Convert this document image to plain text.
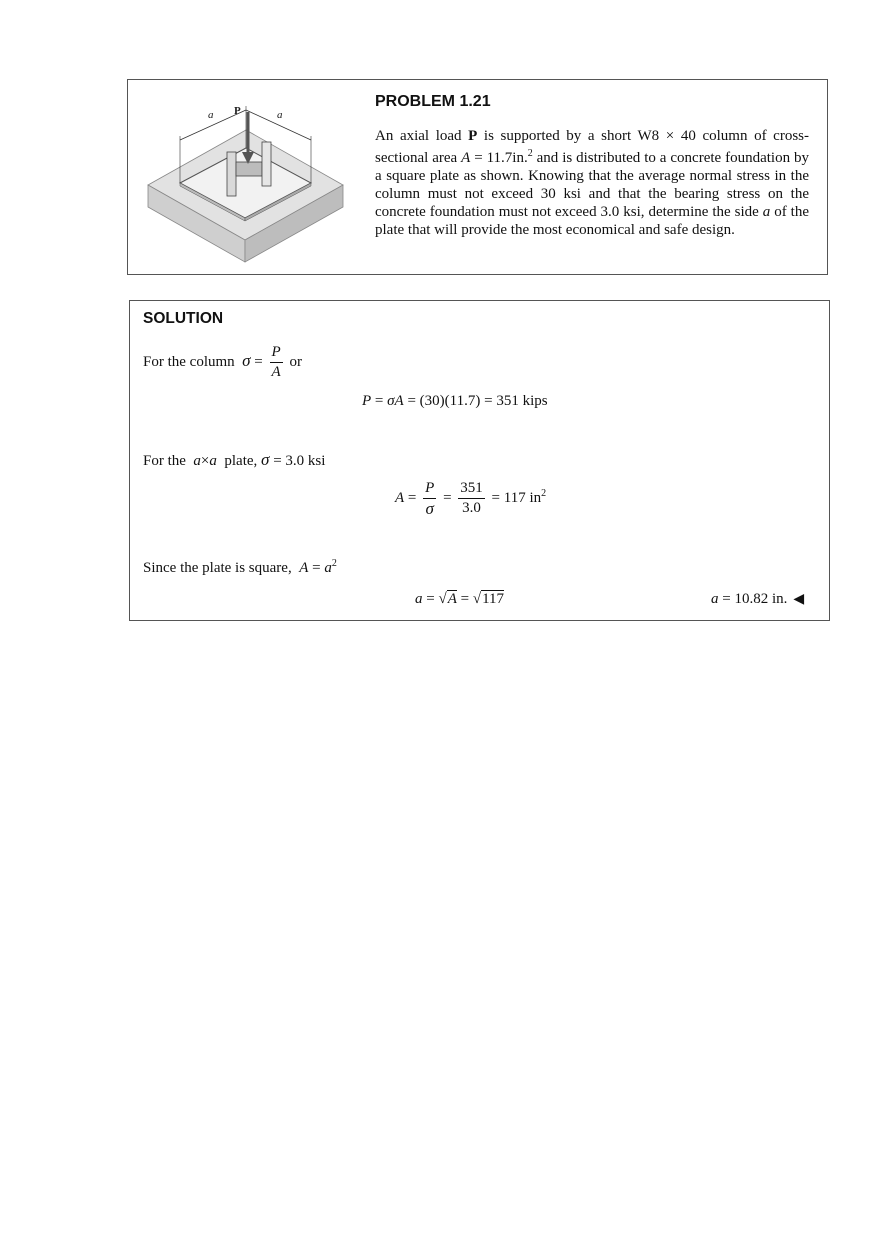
a P	a
PROBLEM 1.21
An axial load P is supported by a short W8 × 40 column of cross-sectional area A = 11.7in.$^2$ and is distributed to a concrete foundation by a square plate as shown. Knowing that the average normal stress in the column must not exceed 30 ksi and that the bearing stress on the concrete foundation must not exceed 3.0 ksi, determine the side a of the plate that will provide the most economical and safe design.
SOLUTION
For the column $\sigma = \frac{P}{A}$ or
P = σA = (30)(11.7) = 351 kips
For the a×a plate, σ = 3.0 ksi
$A = \frac{P}{\sigma} = \frac{351}{3.0} = 117$ $in^2$
Since the plate is square, $A = a^2$
a = √A = √117	a = 10.82 in. ◀
